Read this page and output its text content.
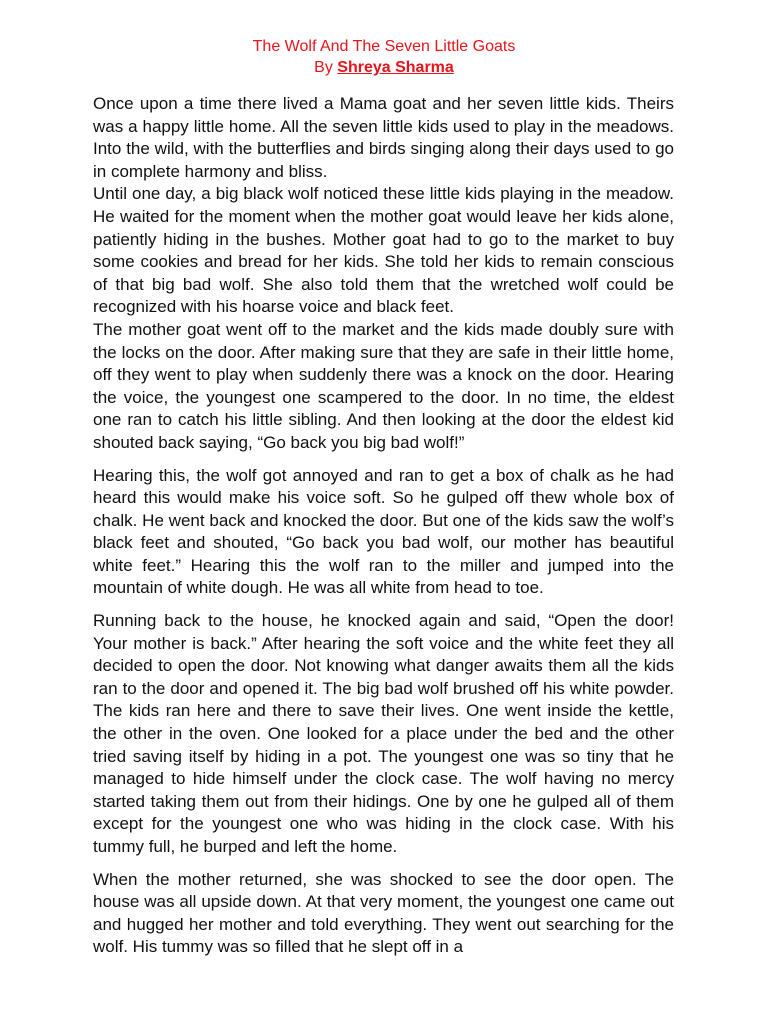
The Wolf And The Seven Little Goats
By Shreya Sharma

Once upon a time there lived a Mama goat and her seven little kids. Theirs was a happy little home. All the seven little kids used to play in the meadows. Into the wild, with the butterflies and birds singing along their days used to go in complete harmony and bliss.

Until one day, a big black wolf noticed these little kids playing in the meadow. He waited for the moment when the mother goat would leave her kids alone, patiently hiding in the bushes. Mother goat had to go to the market to buy some cookies and bread for her kids. She told her kids to remain conscious of that big bad wolf. She also told them that the wretched wolf could be recognized with his hoarse voice and black feet.

The mother goat went off to the market and the kids made doubly sure with the locks on the door. After making sure that they are safe in their little home, off they went to play when suddenly there was a knock on the door. Hearing the voice, the youngest one scampered to the door. In no time, the eldest one ran to catch his little sibling. And then looking at the door the eldest kid shouted back saying, “Go back you big bad wolf!”

Hearing this, the wolf got annoyed and ran to get a box of chalk as he had heard this would make his voice soft. So he gulped off thew whole box of chalk. He went back and knocked the door. But one of the kids saw the wolf’s black feet and shouted, “Go back you bad wolf, our mother has beautiful white feet.” Hearing this the wolf ran to the miller and jumped into the mountain of white dough. He was all white from head to toe.

Running back to the house, he knocked again and said, “Open the door! Your mother is back.” After hearing the soft voice and the white feet they all decided to open the door. Not knowing what danger awaits them all the kids ran to the door and opened it. The big bad wolf brushed off his white powder. The kids ran here and there to save their lives. One went inside the kettle, the other in the oven. One looked for a place under the bed and the other tried saving itself by hiding in a pot. The youngest one was so tiny that he managed to hide himself under the clock case. The wolf having no mercy started taking them out from their hidings. One by one he gulped all of them except for the youngest one who was hiding in the clock case. With his tummy full, he burped and left the home.

When the mother returned, she was shocked to see the door open. The house was all upside down. At that very moment, the youngest one came out and hugged her mother and told everything. They went out searching for the wolf. His tummy was so filled that he slept off in a
